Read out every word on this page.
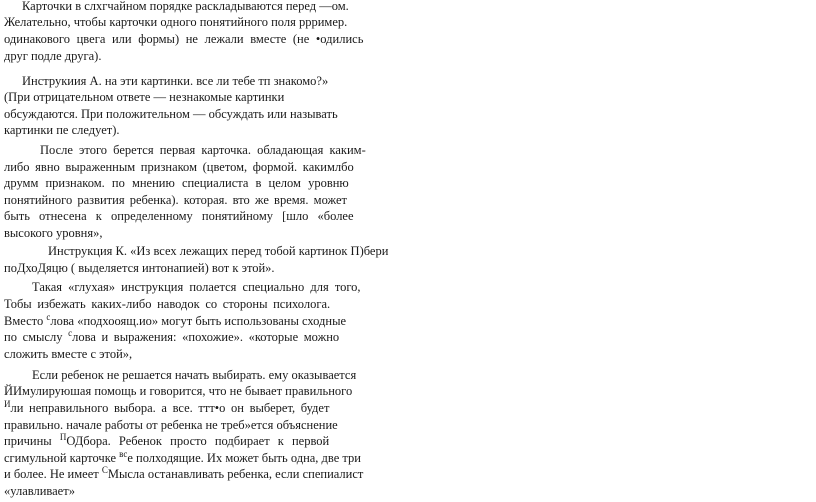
Карточки в слхгчайном порядке раскладываются перед —ом.

Желательно, чтобы карточки одного понятийного поля ррример.

одинакового цвега или формы) не лежали вместе (не •одились

друг подле друга).

Инструкиия А. на эти картинки. все ли тебе тп знакомо?»

(При отрицательном ответе — незнакомые картинки

обсуждаются. При положительном — обсуждать или называть

картинки пе следует).

После этого берется первая карточка. обладающая каким-

либо явно выраженным признаком (цветом, формой. какимлбо

друмм признаком. по мнению специалиста в целом уровню

понятийного развития ребенка). которая. вто же время. может

быть отнесена к определенному понятийному [шло «более

высокого уровня»,

Инструкция К. «Из всех лежащих перед тобой картинок П)бери

поДхоДяцю ( выделяется интонапией) вот к этой».

Такая «глухая» инструкция полается специально для того,

Тобы избежать каких-либо наводок со стороны психолога.

Вместо $^с$лова «подхооящ.ио» могут быть использованы сходные

по смыслу $^с$лова и выражения: «похожие». «которые можно

сложить вместе с этой»,

Если ребенок не решается начать выбирать. ему оказывается

ЙИмулируюшая помощь и говорится, что не бывает правильного

$^И$ли неправильного выбора. а все. ттт•о он выберет, будет

правильно. начале работы от ребенка не треб»ется объяснение

причины $^П$ОДбора. Ребенок просто подбирает к первой

сгимульной карточке $^{вс}$е полходящие. Их может быть одна, две три

и более. Не имеет $^С$Мысла останавливать ребенка, если спепиалист

«улавливает»
